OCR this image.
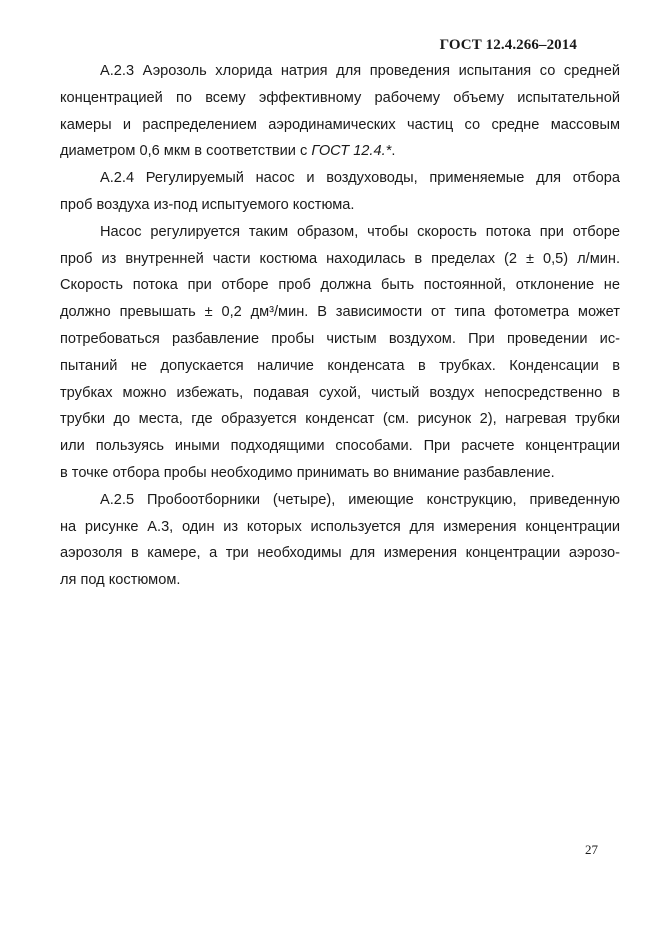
ГОСТ 12.4.266–2014
А.2.3 Аэрозоль хлорида натрия для проведения испытания со средней
концентрацией по всему эффективному рабочему объему испытательной
камеры и распределением аэродинамических частиц со средне массовым
диаметром 0,6 мкм в соответствии с ГОСТ 12.4.*.
А.2.4 Регулируемый насос и воздуховоды, применяемые для отбора
проб воздуха из-под испытуемого костюма.
Насос регулируется таким образом, чтобы скорость потока при отборе
проб из внутренней части костюма находилась в пределах (2 ± 0,5) л/мин.
Скорость потока при отборе проб должна быть постоянной, отклонение не
должно превышать ± 0,2 дм³/мин. В зависимости от типа фотометра может
потребоваться разбавление пробы чистым воздухом. При проведении ис-
пытаний не допускается наличие конденсата в трубках. Конденсации в
трубках можно избежать, подавая сухой, чистый воздух непосредственно в
трубки до места, где образуется конденсат (см. рисунок 2), нагревая трубки
или пользуясь иными подходящими способами. При расчете концентрации
в точке отбора пробы необходимо принимать во внимание разбавление.
А.2.5 Пробоотборники (четыре), имеющие конструкцию, приведенную
на рисунке А.3, один из которых используется для измерения концентрации
аэрозоля в камере, а три необходимы для измерения концентрации аэрозо-
ля под костюмом.
27
